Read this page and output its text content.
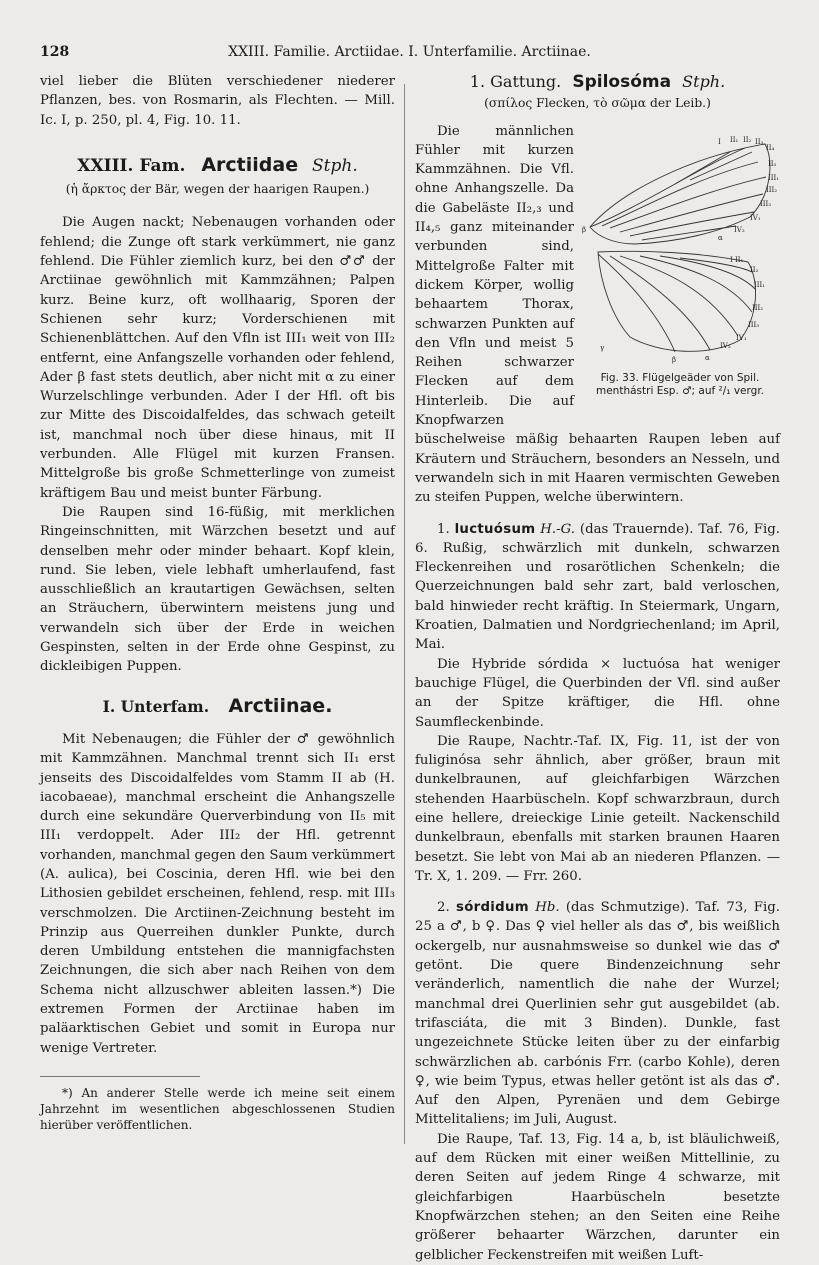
128	XXIII. Familie. Arctiidae. I. Unterfamilie. Arctiinae.

viel lieber die Blüten verschiedener niederer Pflanzen, bes. von Rosmarin, als Flechten. — Mill. Ic. I, p. 250, pl. 4, Fig. 10. 11.

XXIII. Fam. Arctiidae Stph.

(ἡ ἄρκτος der Bär, wegen der haarigen Raupen.)

Die Augen nackt; Nebenaugen vorhanden oder fehlend; die Zunge oft stark verkümmert, nie ganz fehlend. Die Fühler ziemlich kurz, bei den ♂♂ der Arctiinae gewöhnlich mit Kammzähnen; Palpen kurz. Beine kurz, oft wollhaarig, Sporen der Schienen sehr kurz; Vorderschienen mit Schienenblättchen. Auf den Vfln ist III₁ weit von III₂ entfernt, eine Anfangszelle vorhanden oder fehlend, Ader β fast stets deutlich, aber nicht mit α zu einer Wurzelschlinge verbunden. Ader I der Hfl. oft bis zur Mitte des Discoidalfeldes, das schwach geteilt ist, manchmal noch über diese hinaus, mit II verbunden. Alle Flügel mit kurzen Fransen. Mittelgroße bis große Schmetterlinge von zumeist kräftigem Bau und meist bunter Färbung.

Die Raupen sind 16-füßig, mit merklichen Ringeinschnitten, mit Wärzchen besetzt und auf denselben mehr oder minder behaart. Kopf klein, rund. Sie leben, viele lebhaft umherlaufend, fast ausschließlich an krautartigen Gewächsen, selten an Sträuchern, überwintern meistens jung und verwandeln sich über der Erde in weichen Gespinsten, selten in der Erde ohne Gespinst, zu dickleibigen Puppen.

I. Unterfam. Arctiinae.

Mit Nebenaugen; die Fühler der ♂ gewöhnlich mit Kammzähnen. Manchmal trennt sich II₁ erst jenseits des Discoidalfeldes vom Stamm II ab (H. iacobaeae), manchmal erscheint die Anhangszelle durch eine sekundäre Querverbindung von II₅ mit III₁ verdoppelt. Ader III₂ der Hfl. getrennt vorhanden, manchmal gegen den Saum verkümmert (A. aulica), bei Coscinia, deren Hfl. wie bei den Lithosien gebildet erscheinen, fehlend, resp. mit III₃ verschmolzen. Die Arctiinen-Zeichnung besteht im Prinzip aus Querreihen dunkler Punkte, durch deren Umbildung entstehen die mannigfachsten Zeichnungen, die sich aber nach Reihen von dem Schema nicht allzuschwer ableiten lassen.*) Die extremen Formen der Arctiinae haben im paläarktischen Gebiet und somit in Europa nur wenige Vertreter.

*) An anderer Stelle werde ich meine seit einem Jahrzehnt im wesentlichen abgeschlossenen Studien hierüber veröffentlichen.

1. Gattung. Spilosóma Stph.

(σπίλος Flecken, τὸ σῶμα der Leib.)

II₁ II₂ II₃
II₄
II₅
III₁
III₂
III₃
IV₁
IV₂
I
α
β
I·II₁
II₂
III₁
III₂
III₃
IV₁
IV₂
β	α
γ
Fig. 33. Flügelgeäder von Spil. menthástri Esp. ♂; auf ²/₁ vergr.

Die männlichen Fühler mit kurzen Kammzähnen. Die Vfl. ohne Anhangszelle. Da die Gabeläste II₂,₃ und II₄,₅ ganz miteinander verbunden sind, Mittelgroße Falter mit dickem Körper, wollig behaartem Thorax, schwarzen Punkten auf den Vfln und meist 5 Reihen schwarzer Flecken auf dem Hinterleib. Die auf Knopfwarzen büschelweise mäßig behaarten Raupen leben auf Kräutern und Sträuchern, besonders an Nesseln, und verwandeln sich in mit Haaren vermischten Geweben zu steifen Puppen, welche überwintern.

1. luctuósum H.-G. (das Trauernde). Taf. 76, Fig. 6. Rußig, schwärzlich mit dunkeln, schwarzen Fleckenreihen und rosarötlichen Schenkeln; die Querzeichnungen bald sehr zart, bald verloschen, bald hinwieder recht kräftig. In Steiermark, Ungarn, Kroatien, Dalmatien und Nordgriechenland; im April, Mai.

Die Hybride sórdida × luctuósa hat weniger bauchige Flügel, die Querbinden der Vfl. sind außer an der Spitze kräftiger, die Hfl. ohne Saumfleckenbinde.

Die Raupe, Nachtr.-Taf. IX, Fig. 11, ist der von fuliginósa sehr ähnlich, aber größer, braun mit dunkelbraunen, auf gleichfarbigen Wärzchen stehenden Haarbüscheln. Kopf schwarzbraun, durch eine hellere, dreieckige Linie geteilt. Nackenschild dunkelbraun, ebenfalls mit starken braunen Haaren besetzt. Sie lebt von Mai ab an niederen Pflanzen. — Tr. X, 1. 209. — Frr. 260.

2. sórdidum Hb. (das Schmutzige). Taf. 73, Fig. 25 a ♂, b ♀. Das ♀ viel heller als das ♂, bis weißlich ockergelb, nur ausnahmsweise so dunkel wie das ♂ getönt. Die quere Bindenzeichnung sehr veränderlich, namentlich die nahe der Wurzel; manchmal drei Querlinien sehr gut ausgebildet (ab. trifasciáta, die mit 3 Binden). Dunkle, fast ungezeichnete Stücke leiten über zu der einfarbig schwärzlichen ab. carbónis Frr. (carbo Kohle), deren ♀, wie beim Typus, etwas heller getönt ist als das ♂. Auf den Alpen, Pyrenäen und dem Gebirge Mittelitaliens; im Juli, August.

Die Raupe, Taf. 13, Fig. 14 a, b, ist bläulichweiß, auf dem Rücken mit einer weißen Mittellinie, zu deren Seiten auf jedem Ringe 4 schwarze, mit gleichfarbigen Haarbüscheln besetzte Knopfwärzchen stehen; an den Seiten eine Reihe größerer behaarter Wärzchen, darunter ein gelblicher Feckenstreifen mit weißen Luft-
